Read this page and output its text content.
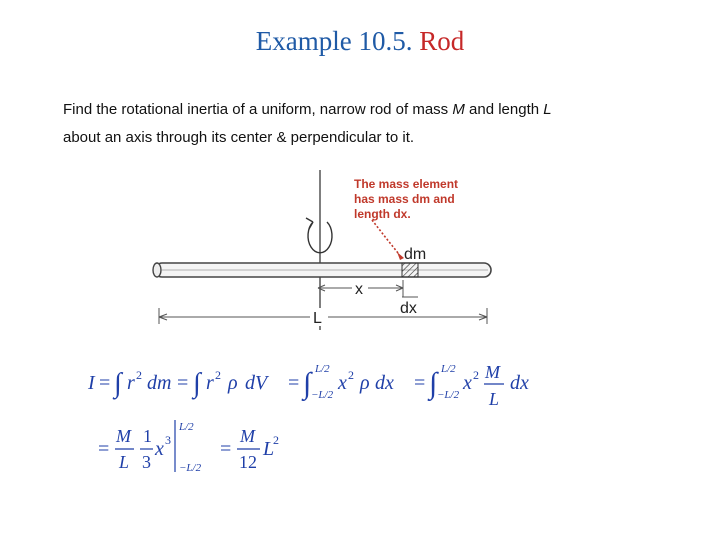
Example 10.5. Rod

Find the rotational inertia of a uniform, narrow rod of mass M and length L

about an axis through its center & perpendicular to it.

The mass element
has mass dm and
length dx.
dm
x
dx
L
I = ∫ r 2 dm = ∫ r 2 ρ dV = ∫ L/2
−L/2
x 2 ρ dx = ∫ L/2
−L/2
x 2 M
L
dx
=
M
L
1
3
x 3
L/2
−L/2
=
M
12
L
2
